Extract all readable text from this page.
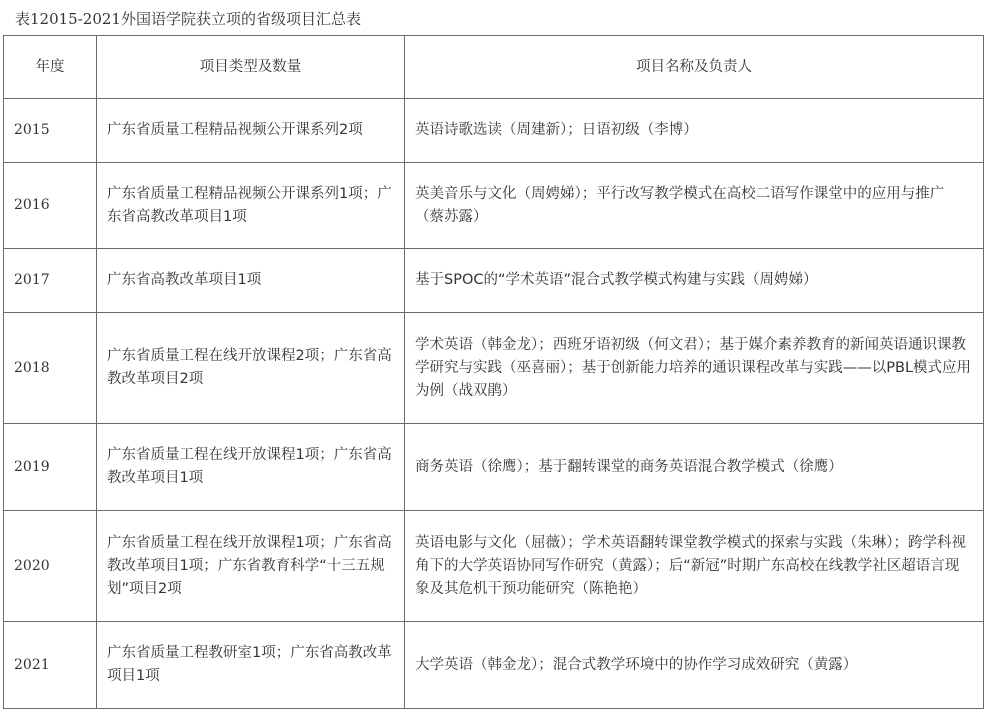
表12015-2021外国语学院获立项的省级项目汇总表
年度	项目类型及数量	项目名称及负责人
2015	广东省质量工程精品视频公开课系列2项	英语诗歌选读（周建新）；日语初级（李博）
2016	广东省质量工程精品视频公开课系列1项；广东省高教改革项目1项	英美音乐与文化（周娉娣）；平行改写教学模式在高校二语写作课堂中的应用与推广（蔡苏露）
2017	广东省高教改革项目1项	基于SPOC的“学术英语”混合式教学模式构建与实践（周娉娣）
2018	广东省质量工程在线开放课程2项；广东省高教改革项目2项	学术英语（韩金龙）；西班牙语初级（何文君）；基于媒介素养教育的新闻英语通识课教学研究与实践（巫喜丽）；基于创新能力培养的通识课程改革与实践——以PBL模式应用为例（战双鹃）
2019	广东省质量工程在线开放课程1项；广东省高教改革项目1项	商务英语（徐鹰）；基于翻转课堂的商务英语混合教学模式（徐鹰）
2020	广东省质量工程在线开放课程1项；广东省高教改革项目1项；广东省教育科学“十三五规划”项目2项	英语电影与文化（屈薇）；学术英语翻转课堂教学模式的探索与实践（朱琳）；跨学科视角下的大学英语协同写作研究（黄露）；后“新冠”时期广东高校在线教学社区超语言现象及其危机干预功能研究（陈艳艳）
2021	广东省质量工程教研室1项；广东省高教改革项目1项	大学英语（韩金龙）；混合式教学环境中的协作学习成效研究（黄露）
